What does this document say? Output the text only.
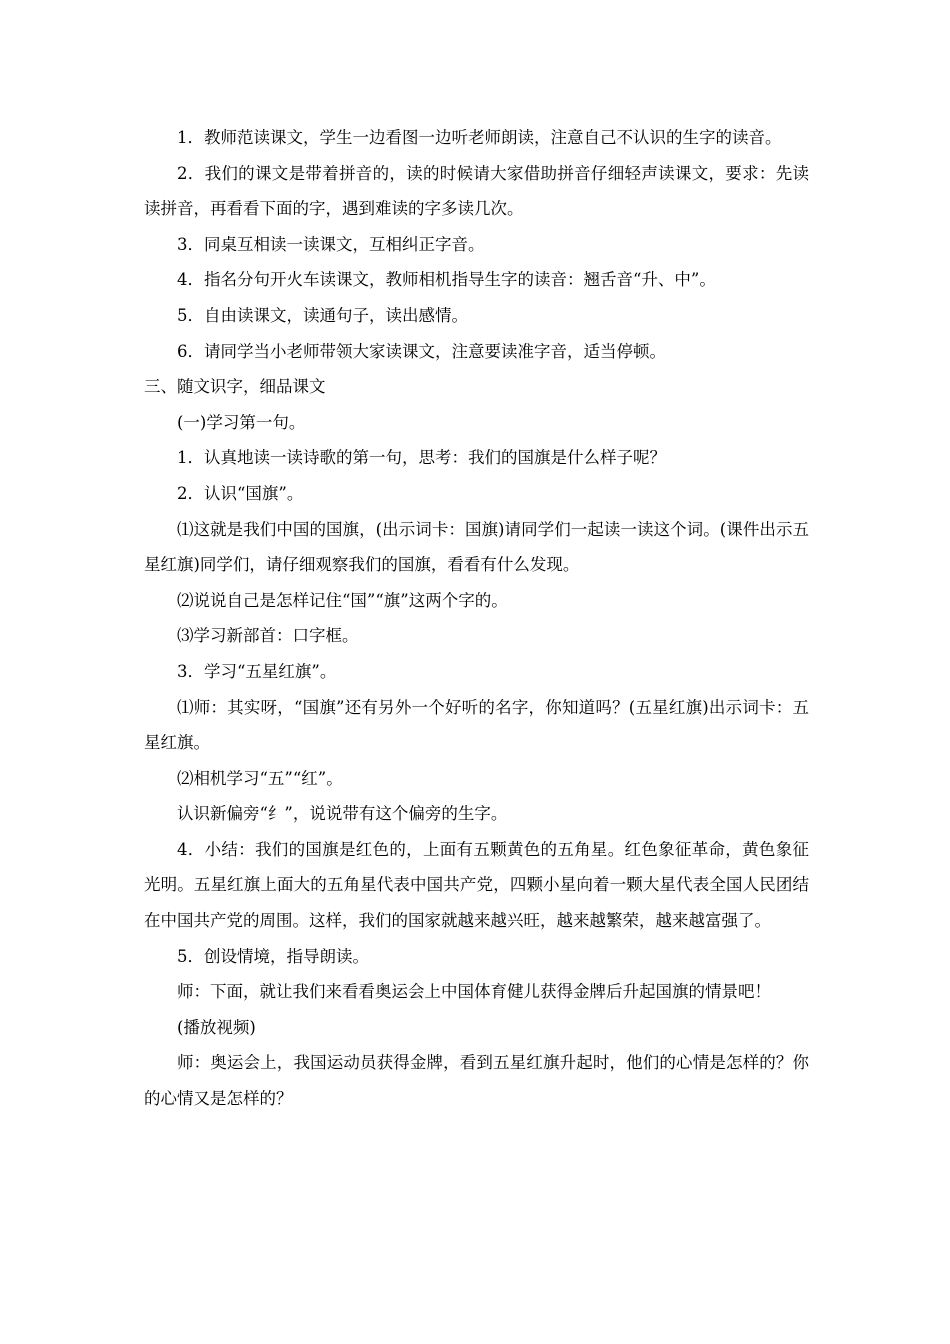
1．教师范读课文，学生一边看图一边听老师朗读，注意自己不认识的生字的读音。

2．我们的课文是带着拼音的，读的时候请大家借助拼音仔细轻声读课文，要求：先读读拼音，再看看下面的字，遇到难读的字多读几次。

3．同桌互相读一读课文，互相纠正字音。

4．指名分句开火车读课文，教师相机指导生字的读音：翘舌音“升、中”。

5．自由读课文，读通句子，读出感情。

6．请同学当小老师带领大家读课文，注意要读准字音，适当停顿。

三、随文识字，细品课文

(一)学习第一句。

1．认真地读一读诗歌的第一句，思考：我们的国旗是什么样子呢？

2．认识“国旗”。

⑴这就是我们中国的国旗，(出示词卡：国旗)请同学们一起读一读这个词。(课件出示五星红旗)同学们，请仔细观察我们的国旗，看看有什么发现。

⑵说说自己是怎样记住“国”“旗”这两个字的。

⑶学习新部首：口字框。

3．学习“五星红旗”。

⑴师：其实呀，“国旗”还有另外一个好听的名字，你知道吗？(五星红旗)出示词卡：五星红旗。

⑵相机学习“五”“红”。

认识新偏旁“纟”，说说带有这个偏旁的生字。

4．小结：我们的国旗是红色的，上面有五颗黄色的五角星。红色象征革命，黄色象征光明。五星红旗上面大的五角星代表中国共产党，四颗小星向着一颗大星代表全国人民团结在中国共产党的周围。这样，我们的国家就越来越兴旺，越来越繁荣，越来越富强了。

5．创设情境，指导朗读。

师：下面，就让我们来看看奥运会上中国体育健儿获得金牌后升起国旗的情景吧！

(播放视频)

师：奥运会上，我国运动员获得金牌，看到五星红旗升起时，他们的心情是怎样的？你的心情又是怎样的？
